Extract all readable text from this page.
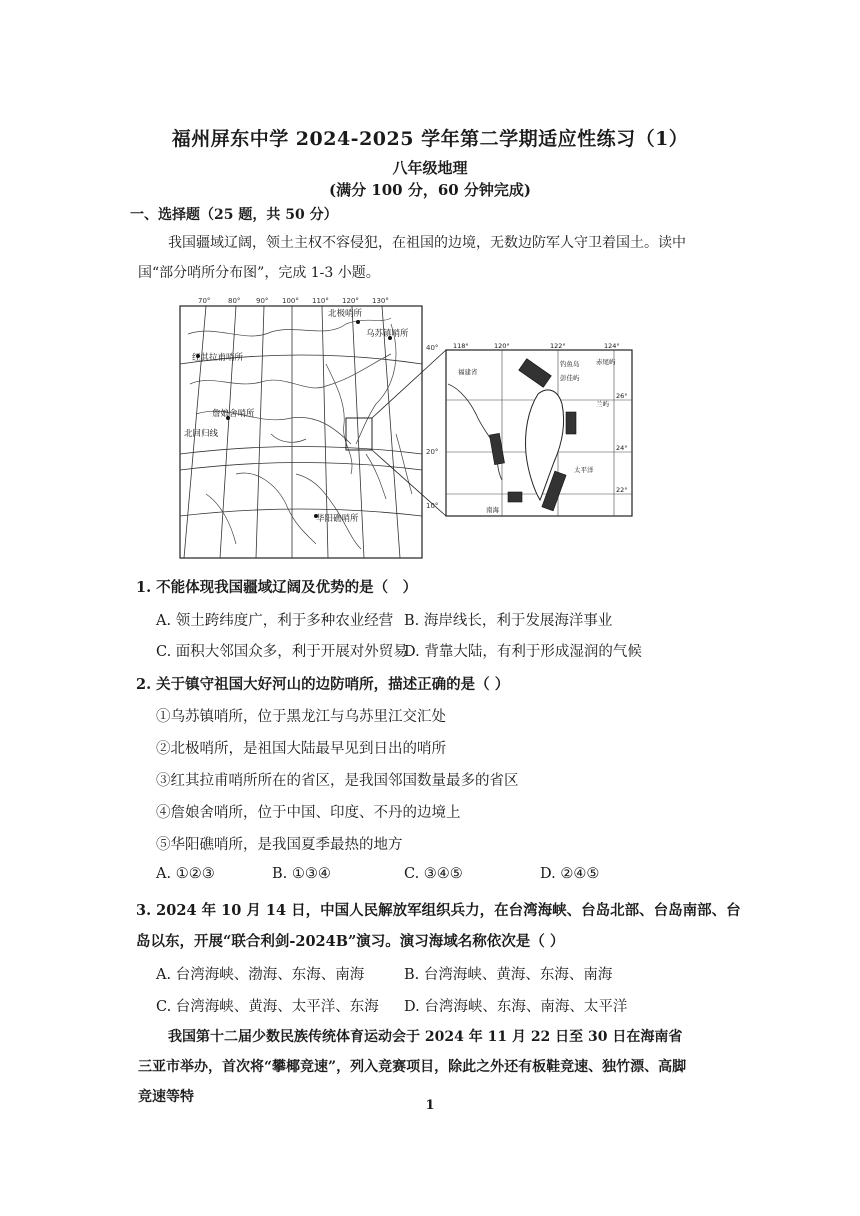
福州屏东中学 2024-2025 学年第二学期适应性练习（1）
八年级地理
(满分 100 分，60 分钟完成)
一、选择题（25 题，共 50 分）
我国疆域辽阔，领土主权不容侵犯，在祖国的边境，无数边防军人守卫着国土。读中国“部分哨所分布图”，完成 1-3 小题。
70°	80° 90° 100° 110° 120° 130°
40°
20°
10°
北极哨所
乌苏镇哨所
红其拉甫哨所
詹娘舍哨所
北回归线
华阳礁哨所
118°	120°	122°	124°
26°
24°
22°
福建省
钓鱼岛	赤尾屿
彭佳屿
兰屿
太平洋
南海
1. 不能体现我国疆域辽阔及优势的是（　）
A. 领土跨纬度广，利于多种农业经营 B. 海岸线长，利于发展海洋事业
C. 面积大邻国众多，利于开展对外贸易
D. 背靠大陆，有利于形成湿润的气候
2. 关于镇守祖国大好河山的边防哨所，描述正确的是（ ）
①乌苏镇哨所，位于黑龙江与乌苏里江交汇处
②北极哨所，是祖国大陆最早见到日出的哨所
③红其拉甫哨所所在的省区，是我国邻国数量最多的省区
④詹娘舍哨所，位于中国、印度、不丹的边境上
⑤华阳礁哨所，是我国夏季最热的地方
A. ①②③	B. ①③④	C. ③④⑤	D. ②④⑤
3. 2024 年 10 月 14 日，中国人民解放军组织兵力，在台湾海峡、台岛北部、台岛南部、台
岛以东，开展“联合利剑-2024B”演习。演习海域名称依次是（ ）
A. 台湾海峡、渤海、东海、南海	B. 台湾海峡、黄海、东海、南海
C. 台湾海峡、黄海、太平洋、东海 D. 台湾海峡、东海、南海、太平洋
我国第十二届少数民族传统体育运动会于 2024 年 11 月 22 日至 30 日在海南省三亚市举办，首次将“攀椰竞速”，列入竞赛项目，除此之外还有板鞋竞速、独竹漂、高脚竞速等特
1
